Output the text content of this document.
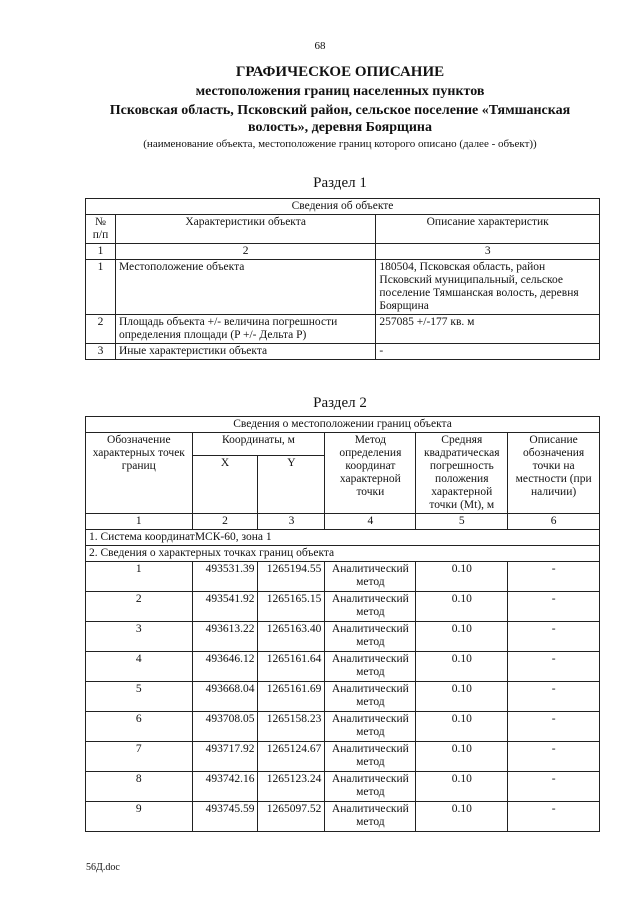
68
ГРАФИЧЕСКОЕ ОПИСАНИЕ
местоположения границ населенных пунктов
Псковская область, Псковский район, сельское поселение «Тямшанская
волость», деревня Боярщина
(наименование объекта, местоположение границ которого описано (далее - объект))
Раздел 1
Сведения об объекте		
№ п/п	Характеристики объекта	Описание характеристик
1	2	3
1	Местоположение объекта	180504, Псковская область, район Псковский муниципальный, сельское поселение Тямшанская волость, деревня Боярщина
2	Площадь объекта +/- величина погрешности определения площади (P +/- Дельта P)	257085 +/-177 кв. м
3	Иные характеристики объекта	-
Раздел 2
Сведения о местоположении границ объекта					
Обозначение характерных точек границ	Координаты, м		Метод определения координат характерной точки	Средняя квадратическая погрешность положения характерной точки (Mt), м	Описание обозначения точки на местности (при наличии)
	X	Y			
1	2	3	4	5	6
1. Система координатМСК-60, зона 1					
2. Сведения о характерных точках границ объекта					
1	493531.39	1265194.55	Аналитический метод	0.10	-
2	493541.92	1265165.15	Аналитический метод	0.10	-
3	493613.22	1265163.40	Аналитический метод	0.10	-
4	493646.12	1265161.64	Аналитический метод	0.10	-
5	493668.04	1265161.69	Аналитический метод	0.10	-
6	493708.05	1265158.23	Аналитический метод	0.10	-
7	493717.92	1265124.67	Аналитический метод	0.10	-
8	493742.16	1265123.24	Аналитический метод	0.10	-
9	493745.59	1265097.52	Аналитический метод	0.10	-
56Д.doc
